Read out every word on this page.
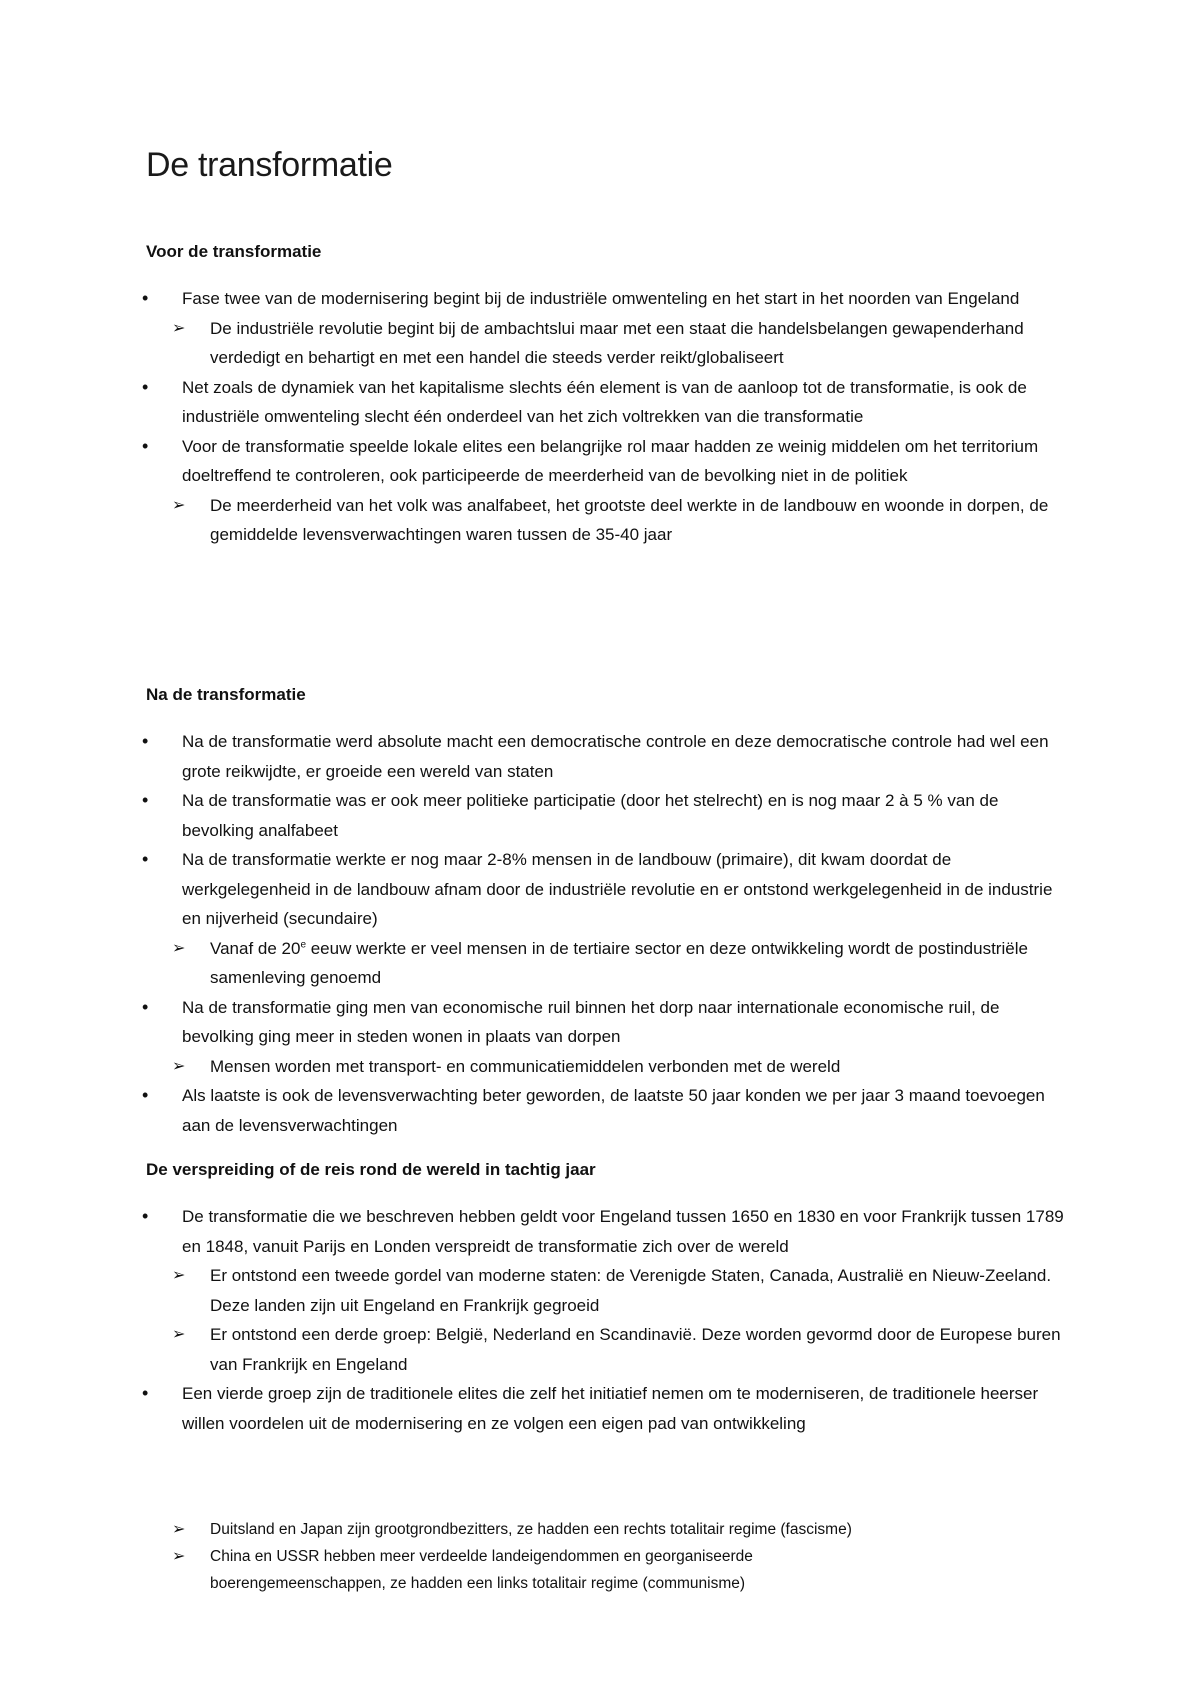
De transformatie
Voor de transformatie
• Fase twee van de modernisering begint bij de industriële omwenteling en het start in het noorden van Engeland
➢ De industriële revolutie begint bij de ambachtslui maar met een staat die handelsbelangen gewapenderhand verdedigt en behartigt en met een handel die steeds verder reikt/globaliseert
• Net zoals de dynamiek van het kapitalisme slechts één element is van de aanloop tot de transformatie, is ook de industriële omwenteling slecht één onderdeel van het zich voltrekken van die transformatie
• Voor de transformatie speelde lokale elites een belangrijke rol maar hadden ze weinig middelen om het territorium doeltreffend te controleren, ook participeerde de meerderheid van de bevolking niet in de politiek
➢ De meerderheid van het volk was analfabeet, het grootste deel werkte in de landbouw en woonde in dorpen, de gemiddelde levensverwachtingen waren tussen de 35-40 jaar
Na de transformatie
• Na de transformatie werd absolute macht een democratische controle en deze democratische controle had wel een grote reikwijdte, er groeide een wereld van staten
• Na de transformatie was er ook meer politieke participatie (door het stelrecht) en is nog maar 2 à 5 % van de bevolking analfabeet
• Na de transformatie werkte er nog maar 2-8% mensen in de landbouw (primaire), dit kwam doordat de werkgelegenheid in de landbouw afnam door de industriële revolutie en er ontstond werkgelegenheid in de industrie en nijverheid (secundaire)
➢ Vanaf de 20e eeuw werkte er veel mensen in de tertiaire sector en deze ontwikkeling wordt de postindustriële samenleving genoemd
• Na de transformatie ging men van economische ruil binnen het dorp naar internationale economische ruil, de bevolking ging meer in steden wonen in plaats van dorpen
➢ Mensen worden met transport- en communicatiemiddelen verbonden met de wereld
• Als laatste is ook de levensverwachting beter geworden, de laatste 50 jaar konden we per jaar 3 maand toevoegen aan de levensverwachtingen
De verspreiding of de reis rond de wereld in tachtig jaar
• De transformatie die we beschreven hebben geldt voor Engeland tussen 1650 en 1830 en voor Frankrijk tussen 1789 en 1848, vanuit Parijs en Londen verspreidt de transformatie zich over de wereld
➢ Er ontstond een tweede gordel van moderne staten: de Verenigde Staten, Canada, Australië en Nieuw-Zeeland. Deze landen zijn uit Engeland en Frankrijk gegroeid
➢ Er ontstond een derde groep: België, Nederland en Scandinavië. Deze worden gevormd door de Europese buren van Frankrijk en Engeland
• Een vierde groep zijn de traditionele elites die zelf het initiatief nemen om te moderniseren, de traditionele heerser willen voordelen uit de modernisering en ze volgen een eigen pad van ontwikkeling
➢ Duitsland en Japan zijn grootgrondbezitters, ze hadden een rechts totalitair regime (fascisme)
➢ China en USSR hebben meer verdeelde landeigendommen en georganiseerde boerengemeenschappen, ze hadden een links totalitair regime (communisme)
